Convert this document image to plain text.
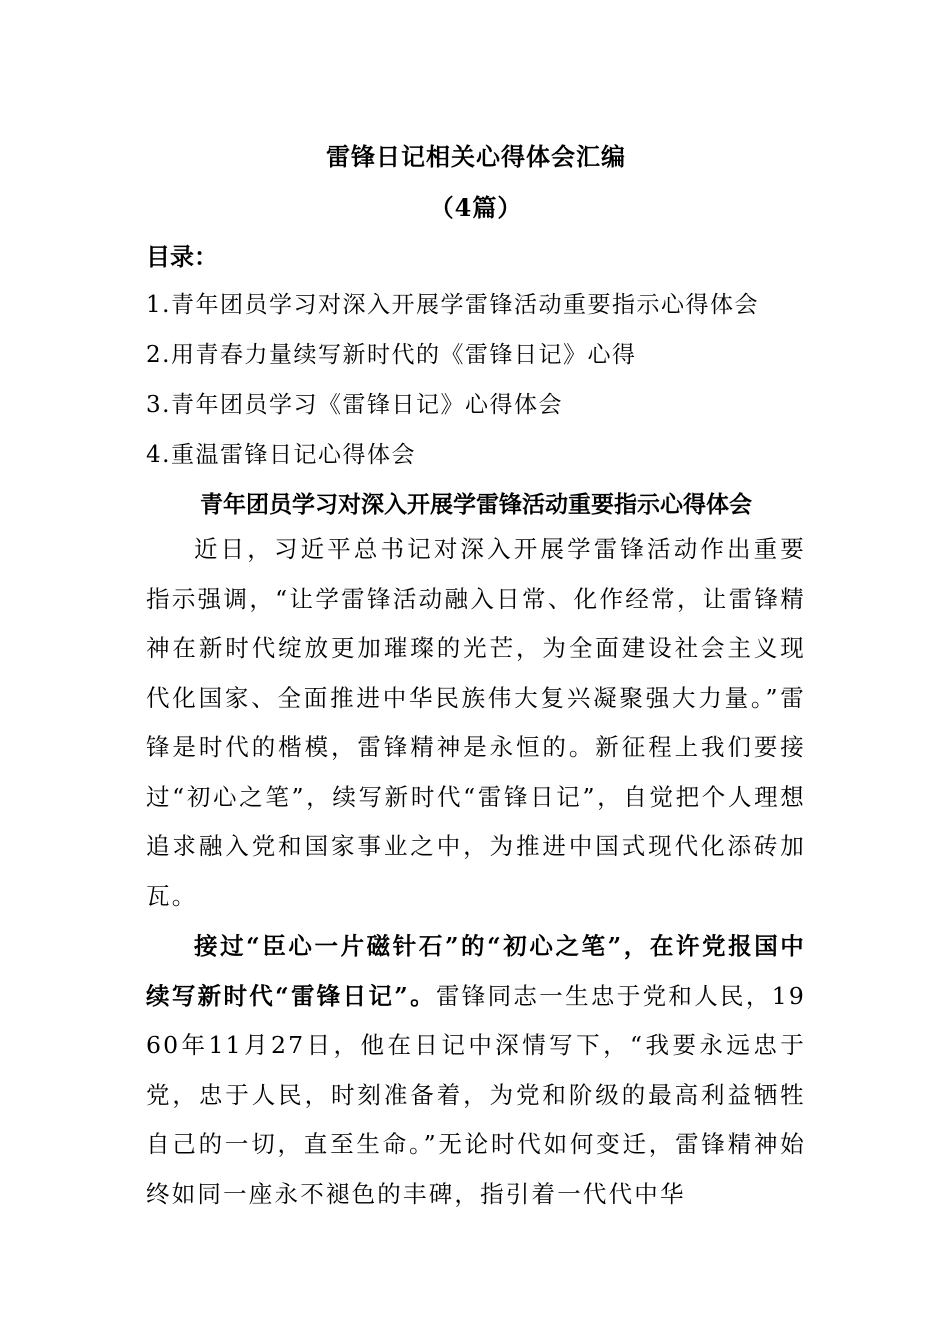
雷锋日记相关心得体会汇编
（4篇）
目录：
1.青年团员学习对深入开展学雷锋活动重要指示心得体会
2.用青春力量续写新时代的《雷锋日记》心得
3.青年团员学习《雷锋日记》心得体会
4.重温雷锋日记心得体会
青年团员学习对深入开展学雷锋活动重要指示心得体会
近日，习近平总书记对深入开展学雷锋活动作出重要指示强调，“让学雷锋活动融入日常、化作经常，让雷锋精神在新时代绽放更加璀璨的光芒，为全面建设社会主义现代化国家、全面推进中华民族伟大复兴凝聚强大力量。”雷锋是时代的楷模，雷锋精神是永恒的。新征程上我们要接过“初心之笔”，续写新时代“雷锋日记”，自觉把个人理想追求融入党和国家事业之中，为推进中国式现代化添砖加瓦。
接过“臣心一片磁针石”的“初心之笔”，在许党报国中续写新时代“雷锋日记”。雷锋同志一生忠于党和人民，1960年11月27日，他在日记中深情写下，“我要永远忠于党，忠于人民，时刻准备着，为党和阶级的最高利益牺牲自己的一切，直至生命。”无论时代如何变迁，雷锋精神始终如同一座永不褪色的丰碑，指引着一代代中华
